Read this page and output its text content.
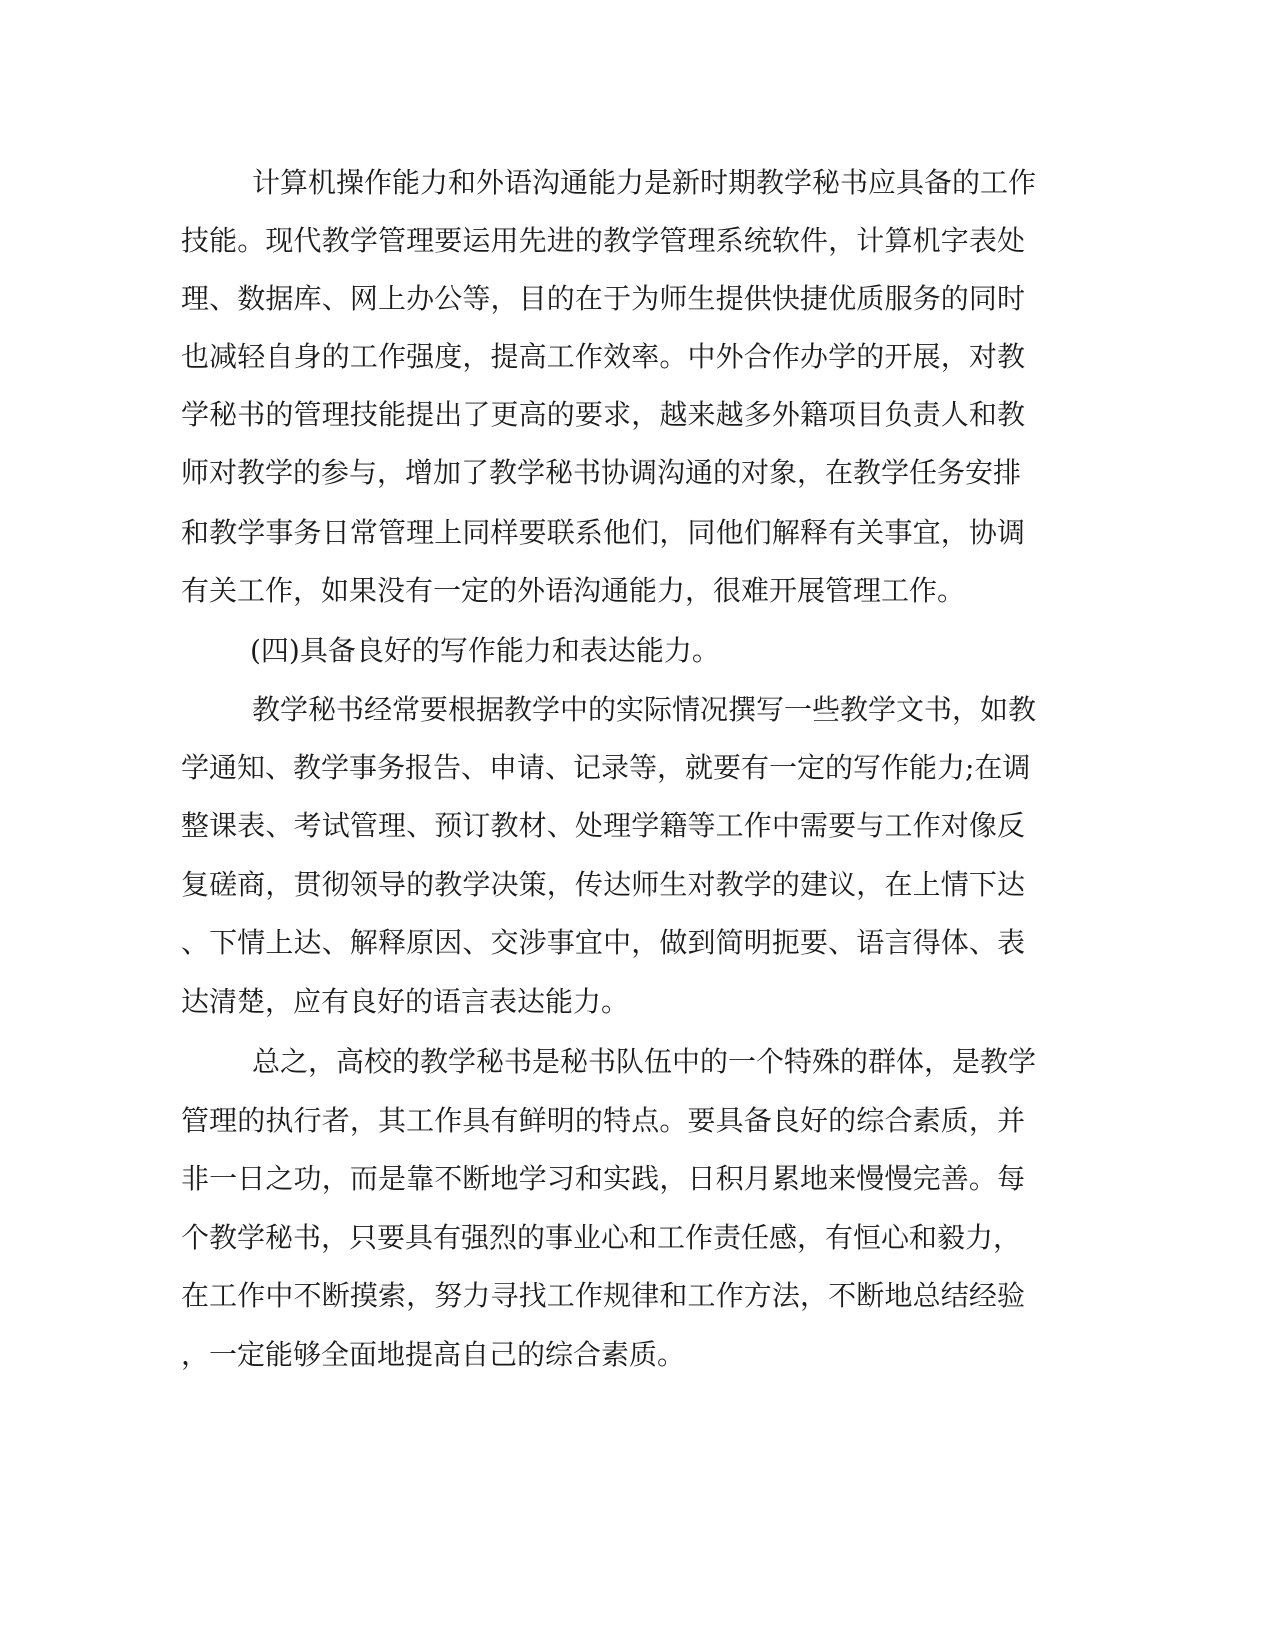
计算机操作能力和外语沟通能力是新时期教学秘书应具备的工作
技能。现代教学管理要运用先进的教学管理系统软件，计算机字表处
理、数据库、网上办公等，目的在于为师生提供快捷优质服务的同时
也减轻自身的工作强度，提高工作效率。中外合作办学的开展，对教
学秘书的管理技能提出了更高的要求，越来越多外籍项目负责人和教
师对教学的参与，增加了教学秘书协调沟通的对象，在教学任务安排
和教学事务日常管理上同样要联系他们，同他们解释有关事宜，协调
有关工作，如果没有一定的外语沟通能力，很难开展管理工作。
(四)具备良好的写作能力和表达能力。
教学秘书经常要根据教学中的实际情况撰写一些教学文书，如教
学通知、教学事务报告、申请、记录等，就要有一定的写作能力;在调
整课表、考试管理、预订教材、处理学籍等工作中需要与工作对像反
复磋商，贯彻领导的教学决策，传达师生对教学的建议，在上情下达
、下情上达、解释原因、交涉事宜中，做到简明扼要、语言得体、表
达清楚，应有良好的语言表达能力。
总之，高校的教学秘书是秘书队伍中的一个特殊的群体，是教学
管理的执行者，其工作具有鲜明的特点。要具备良好的综合素质，并
非一日之功，而是靠不断地学习和实践，日积月累地来慢慢完善。每
个教学秘书，只要具有强烈的事业心和工作责任感，有恒心和毅力，
在工作中不断摸索，努力寻找工作规律和工作方法，不断地总结经验
，一定能够全面地提高自己的综合素质。
